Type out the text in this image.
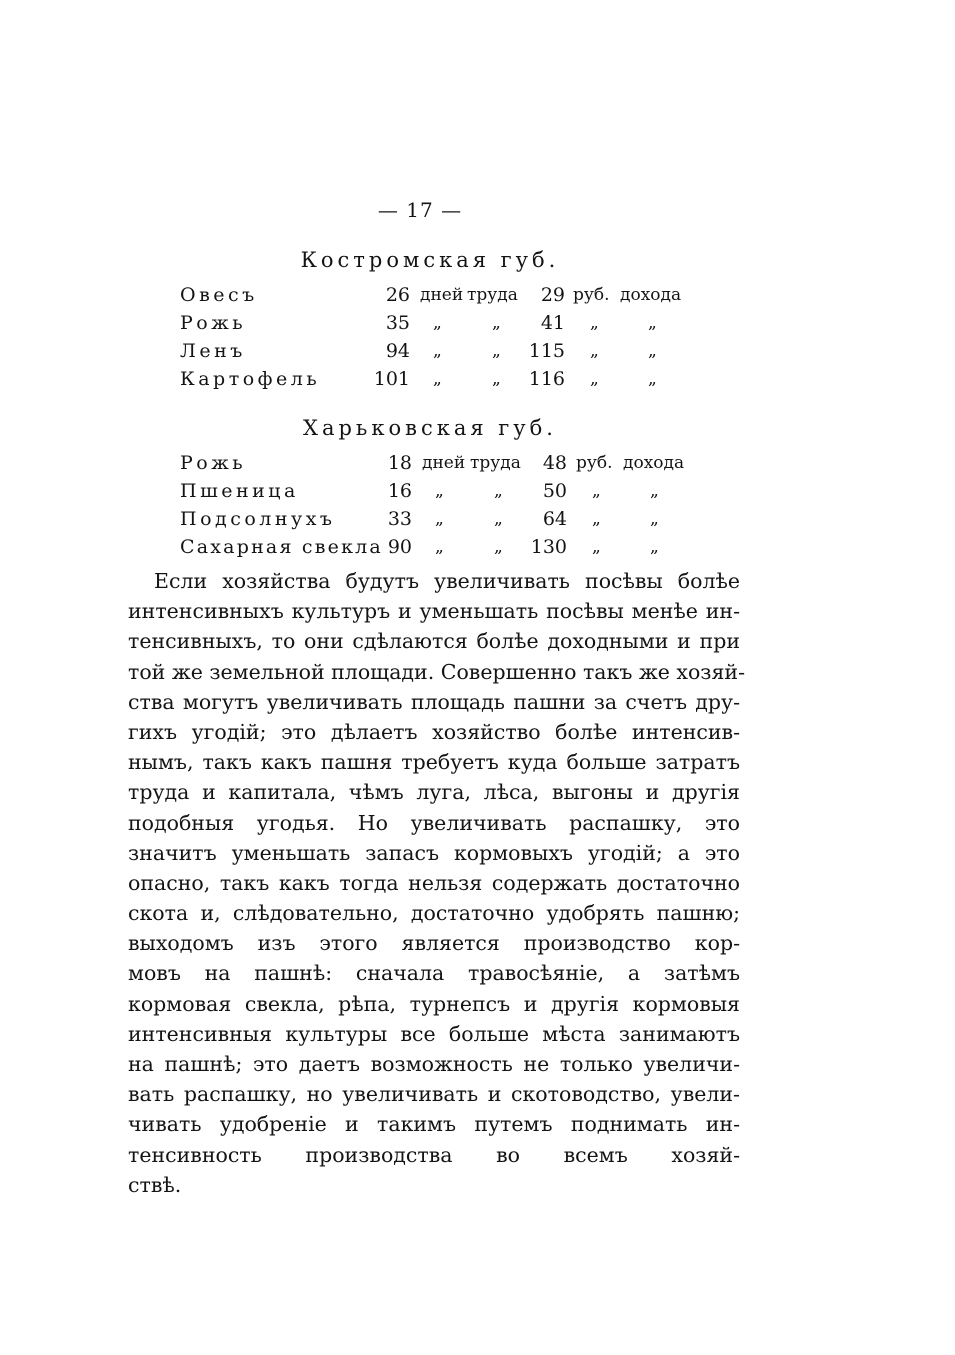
— 17 —
Костромская губ.
Овесъ	26 дней труда	29 руб. дохода
Рожь	35 „	„	41 „	„
Ленъ	94 „	„	115 „	„
Картофель	101 „	„	116 „	„
Харьковская губ.
Рожь	18 дней труда	48 руб. дохода
Пшеница	16 „	„	50 „	„
Подсолнухъ	33 „	„	64 „	„
Сахарная свекла 90 „	„	130 „	„
Если хозяйства будутъ увеличивать посѣвы болѣе
интенсивныхъ культуръ и уменьшать посѣвы менѣе ин-
тенсивныхъ, то они сдѣлаются болѣе доходными и при
той же земельной площади. Совершенно такъ же хозяй-
ства могутъ увеличивать площадь пашни за счетъ дру-
гихъ угодій; это дѣлаетъ хозяйство болѣе интенсив-
нымъ, такъ какъ пашня требуетъ куда больше затратъ
труда и капитала, чѣмъ луга, лѣса, выгоны и другія
подобныя угодья. Но увеличивать распашку, это
значитъ уменьшать запасъ кормовыхъ угодій; а это
опасно, такъ какъ тогда нельзя содержать достаточно
скота и, слѣдовательно, достаточно удобрять пашню;
выходомъ изъ этого является производство кор-
мовъ на пашнѣ: сначала травосѣяніе, а затѣмъ
кормовая свекла, рѣпа, турнепсъ и другія кормовыя
интенсивныя культуры все больше мѣста занимаютъ
на пашнѣ; это даетъ возможность не только увеличи-
вать распашку, но увеличивать и скотоводство, увели-
чивать удобреніе и такимъ путемъ поднимать ин-
тенсивность производства во всемъ хозяй-
ствѣ.
